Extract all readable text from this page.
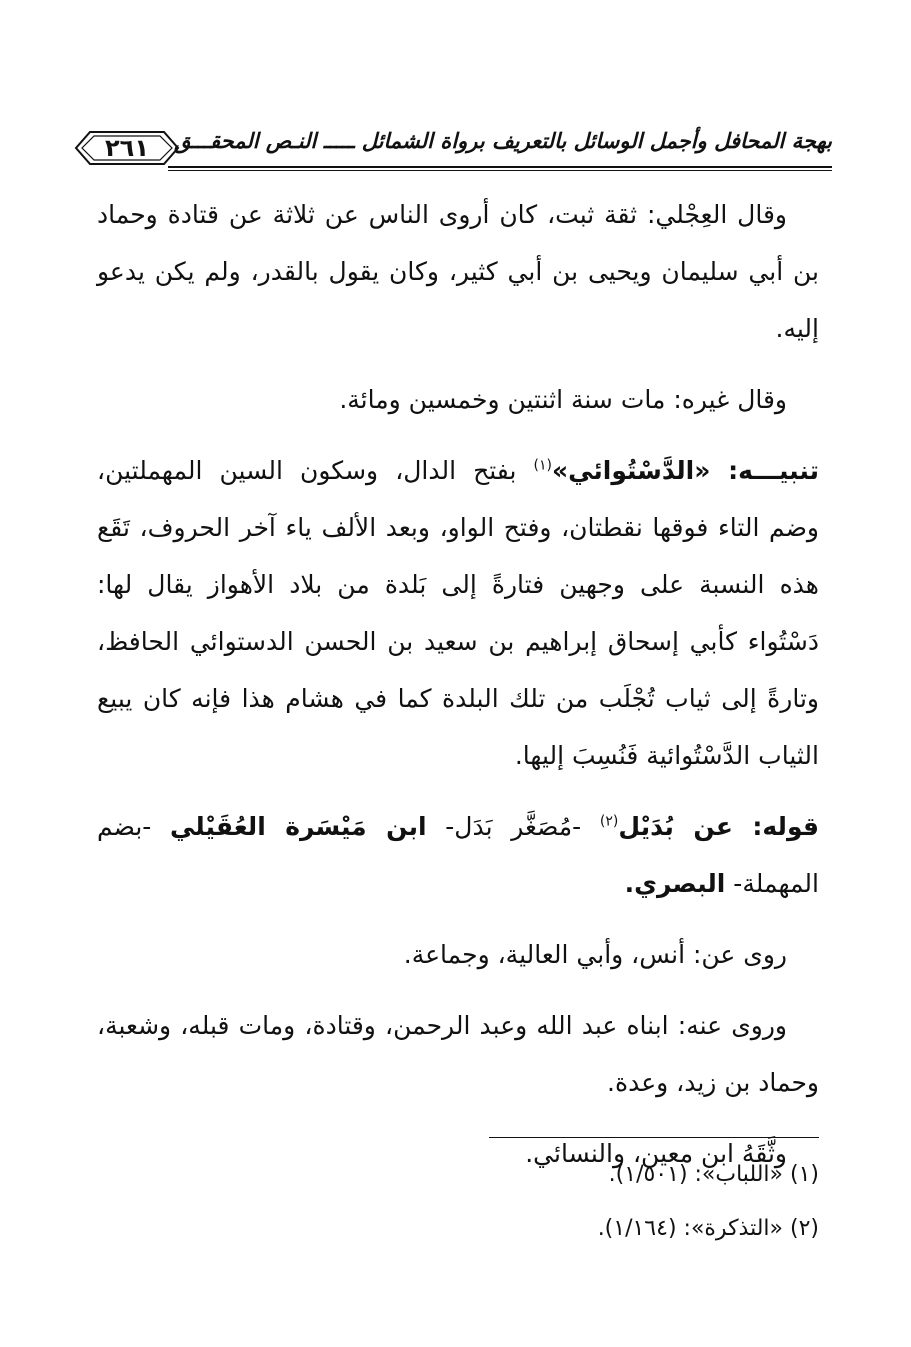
بهجة المحافل وأجمل الوسائل بالتعريف برواة الشمائل ـــــ النـص المحقـــق
٢٦١

وقال العِجْلي: ثقة ثبت، كان أروى الناس عن ثلاثة عن قتادة وحماد بن أبي سليمان ويحيى بن أبي كثير، وكان يقول بالقدر، ولم يكن يدعو إليه.

وقال غيره: مات سنة اثنتين وخمسين ومائة.

تنبيـــه: «الدَّسْتُوائي»$^{(١)}$ بفتح الدال، وسكون السين المهملتين، وضم التاء فوقها نقطتان، وفتح الواو، وبعد الألف ياء آخر الحروف، تَقَع هذه النسبة على وجهين فتارةً إلى بَلدة من بلاد الأهواز يقال لها: دَسْتُواء كأبي إسحاق إبراهيم بن سعيد بن الحسن الدستوائي الحافظ، وتارةً إلى ثياب تُجْلَب من تلك البلدة كما في هشام هذا فإنه كان يبيع الثياب الدَّسْتُوائية فَنُسِبَ إليها.

قوله: عن بُدَيْل$^{(٢)}$ -مُصَغَّر بَدَل- ابن مَيْسَرة العُقَيْلي -بضم المهملة- البصري.

روى عن: أنس، وأبي العالية، وجماعة.

وروى عنه: ابناه عبد الله وعبد الرحمن، وقتادة، ومات قبله، وشعبة، وحماد بن زيد، وعدة.

وثَّقَهُ ابن معين، والنسائي.

(١) «اللباب»: (١/٥٠١).

(٢) «التذكرة»: (١/١٦٤).
